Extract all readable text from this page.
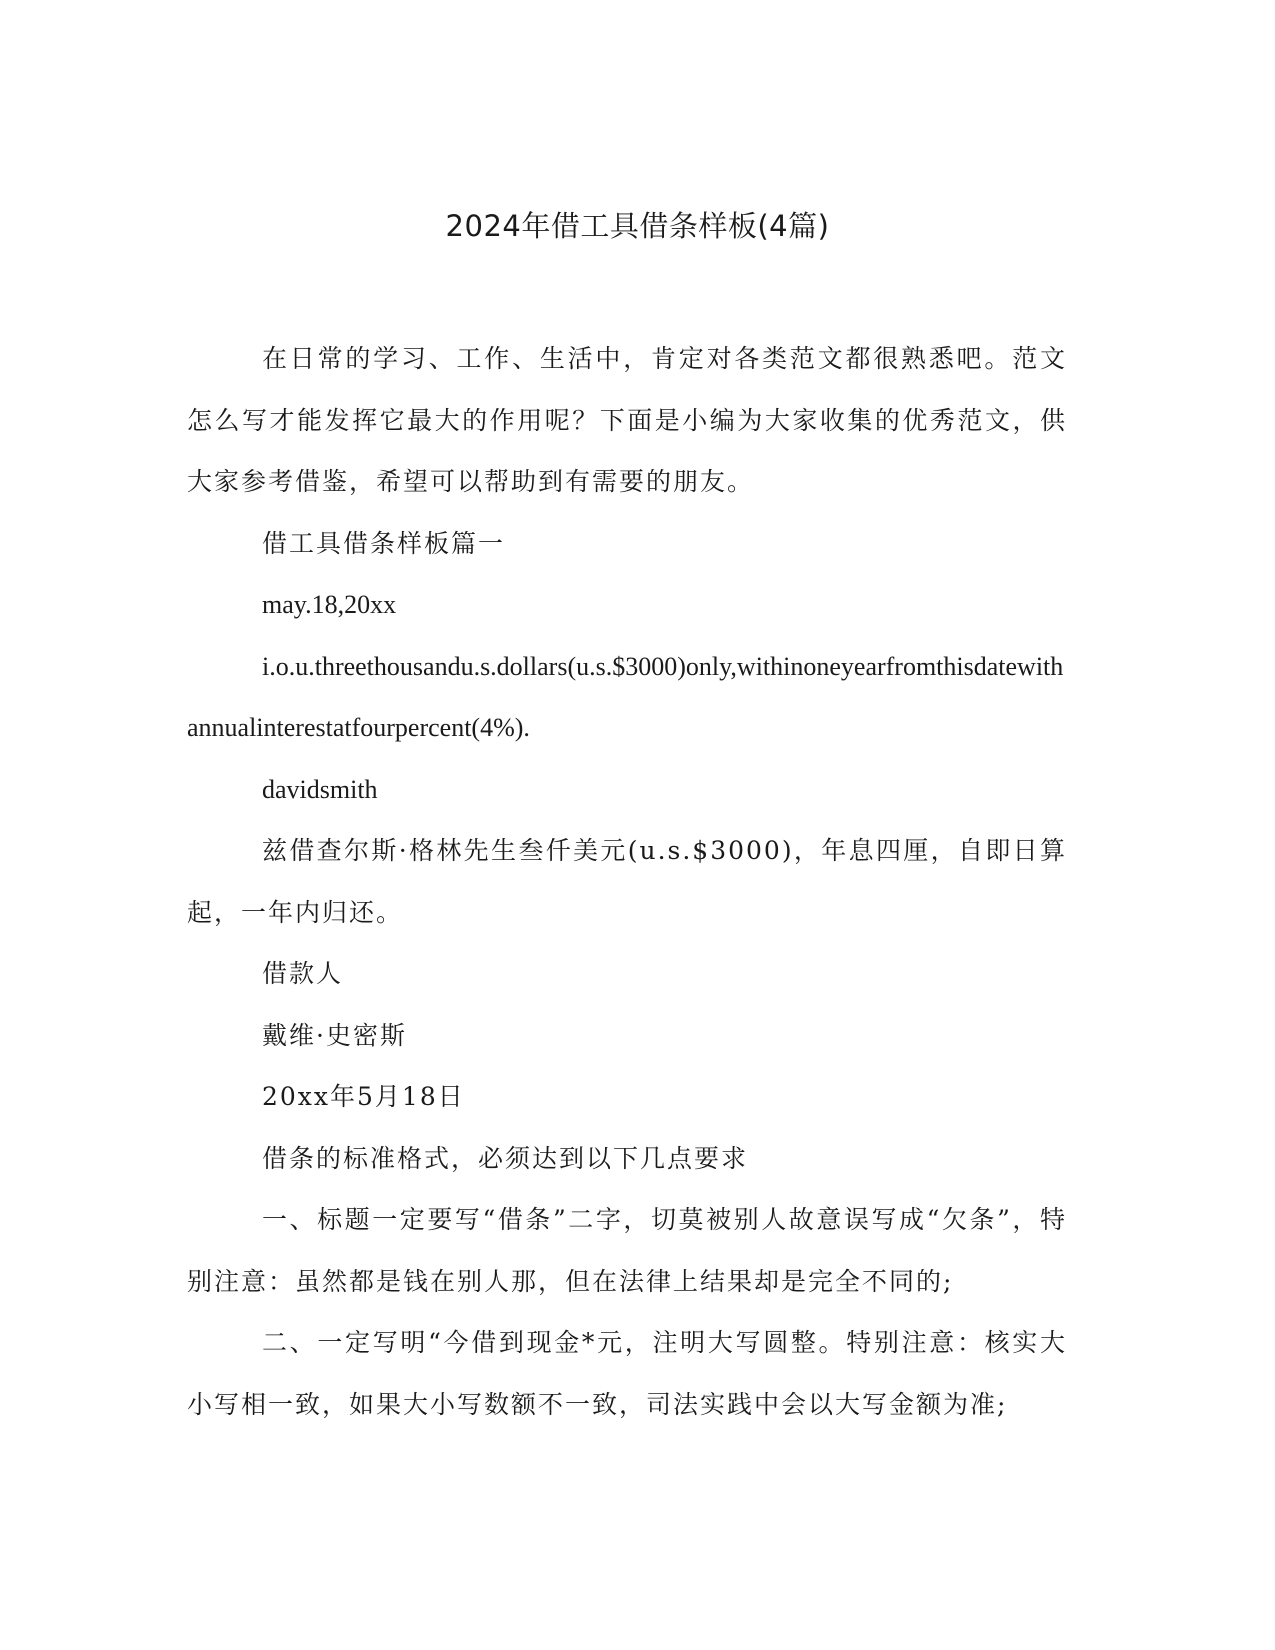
2024年借工具借条样板(4篇)

在日常的学习、工作、生活中，肯定对各类范文都很熟悉吧。范文怎么写才能发挥它最大的作用呢？下面是小编为大家收集的优秀范文，供大家参考借鉴，希望可以帮助到有需要的朋友。

借工具借条样板篇一

may.18,20xx

i.o.u.threethousandu.s.dollars(u.s.$3000)only,withinoneyearfromthisdatewithannualinterestatfourpercent(4%).

davidsmith

兹借查尔斯·格林先生叁仟美元(u.s.$3000)，年息四厘，自即日算起，一年内归还。

借款人

戴维·史密斯

20xx年5月18日

借条的标准格式，必须达到以下几点要求

一、标题一定要写“借条”二字，切莫被别人故意误写成“欠条”，特别注意：虽然都是钱在别人那，但在法律上结果却是完全不同的;

二、一定写明“今借到现金*元，注明大写圆整。特别注意：核实大小写相一致，如果大小写数额不一致，司法实践中会以大写金额为准;
